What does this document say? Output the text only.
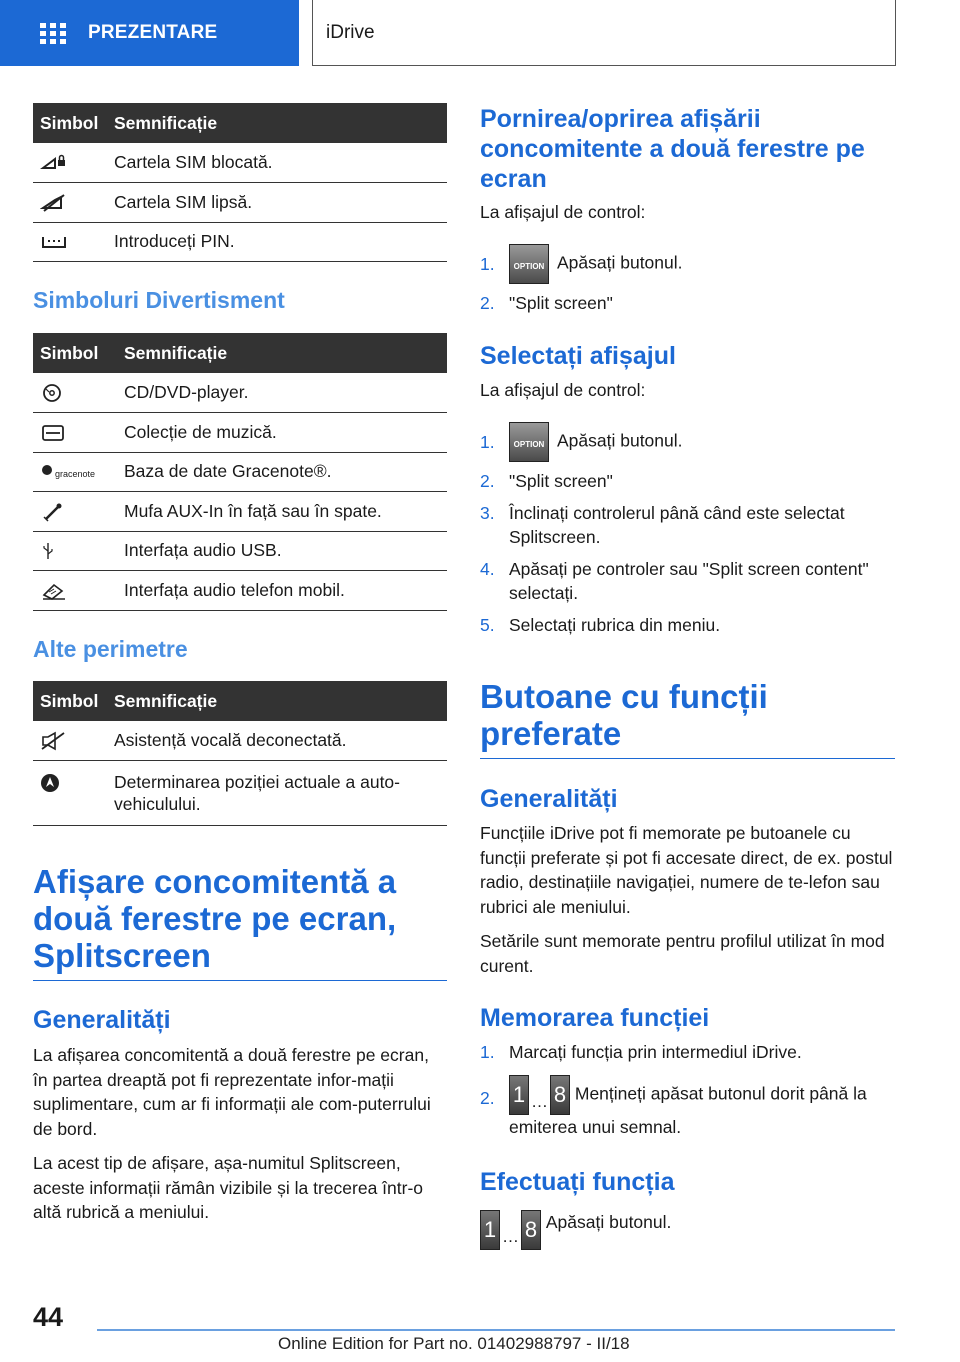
PREZENTARE	iDrive
Simbol	Semnificație
	Cartela SIM blocată.
	Cartela SIM lipsă.
	Introduceți PIN.
Simboluri Divertisment
Simbol	Semnificație
	CD/DVD-player.
	Colecție de muzică.

gracenote	Baza de date Gracenote®.
	Mufa AUX-In în față sau în spate.
	Interfața audio USB.
	Interfața audio telefon mobil.
Alte perimetre
Simbol	Semnificație
	Asistență vocală deconectată.
	Determinarea poziției actuale a auto-vehiculului.
Afișare concomitentă a două ferestre pe ecran, Splitscreen
Generalități

La afișarea concomitentă a două ferestre pe ecran, în partea dreaptă pot fi reprezentate infor-mații suplimentare, cum ar fi informații ale com-puterrului de bord.

La acest tip de afișare, așa-numitul Splitscreen, aceste informații rămân vizibile și la trecerea într-o altă rubrică a meniului.

Pornirea/oprirea afișării concomitente a două ferestre pe ecran

La afișajul de control:

1.	OPTION Apăsați butonul.
2. "Split screen"
Selectați afișajul

La afișajul de control:

1.	OPTION Apăsați butonul.
2. "Split screen"
3. Înclinați controlerul până când este selectat Splitscreen.
4. Apăsați pe controler sau "Split screen content" selectați.
5. Selectați rubrica din meniu.
Butoane cu funcții preferate
Generalități

Funcțiile iDrive pot fi memorate pe butoanele cu funcții preferate și pot fi accesate direct, de ex. postul radio, destinațiile navigației, numere de te-lefon sau rubrici ale meniului.

Setările sunt memorate pentru profilul utilizat în mod curent.

Memorarea funcției
1. Marcați funcția prin intermediul iDrive.
2. 1 … 8 Mențineți apăsat butonul dorit până la emiterea unui semnal.
Efectuați funcția
1 … 8 Apăsați butonul.
44
Online Edition for Part no. 01402988797 - II/18
